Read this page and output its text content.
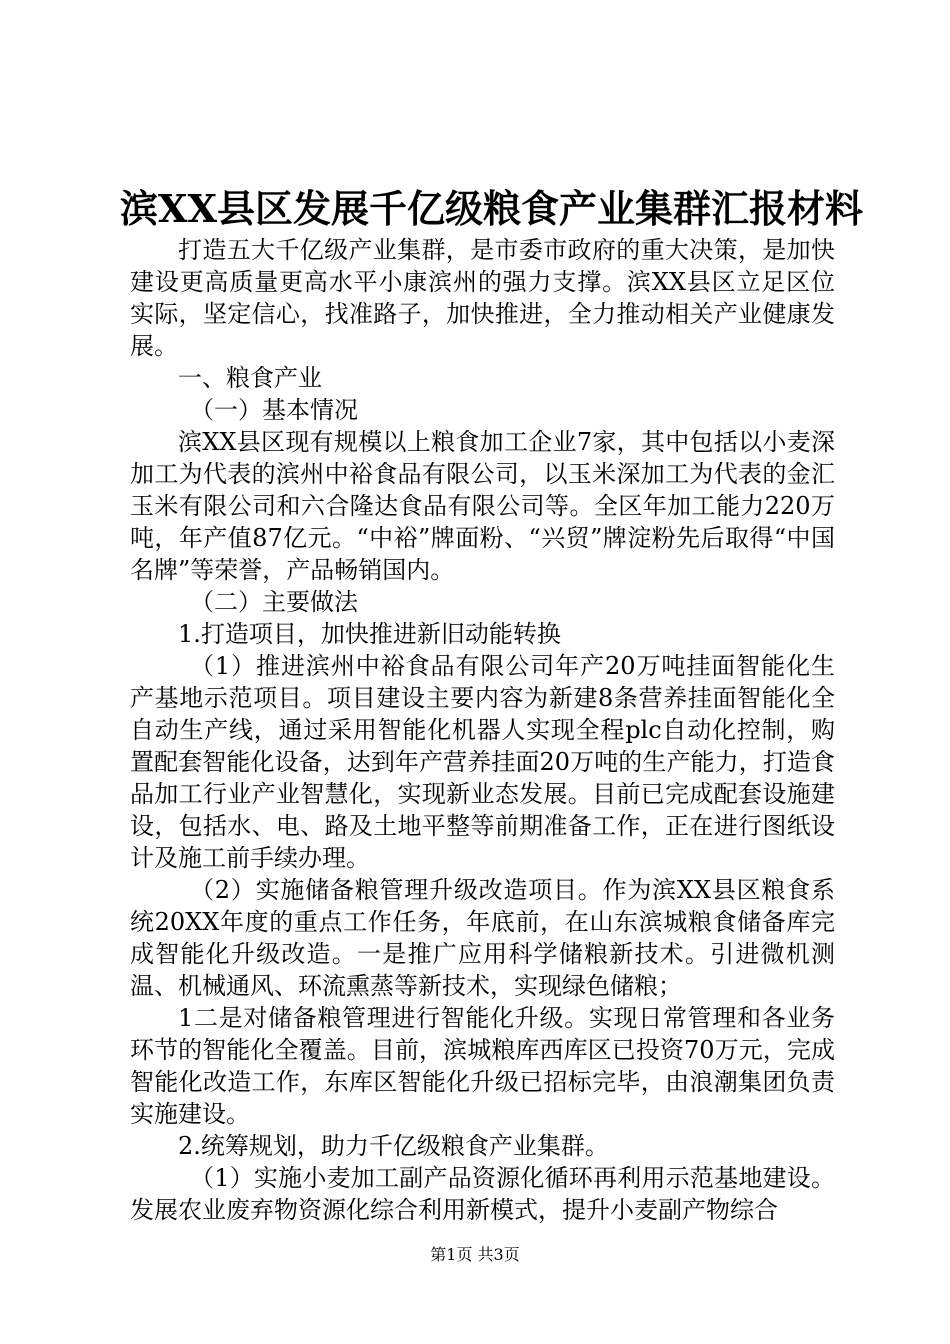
滨XX县区发展千亿级粮食产业集群汇报材料

打造五大千亿级产业集群，是市委市政府的重大决策，是加快建设更高质量更高水平小康滨州的强力支撑。滨XX县区立足区位实际，坚定信心，找准路子，加快推进，全力推动相关产业健康发展。

一、粮食产业

（一）基本情况

滨XX县区现有规模以上粮食加工企业7家，其中包括以小麦深加工为代表的滨州中裕食品有限公司，以玉米深加工为代表的金汇玉米有限公司和六合隆达食品有限公司等。全区年加工能力220万吨，年产值87亿元。“中裕”牌面粉、“兴贸”牌淀粉先后取得“中国名牌”等荣誉，产品畅销国内。

（二）主要做法

1.打造项目，加快推进新旧动能转换

（1）推进滨州中裕食品有限公司年产20万吨挂面智能化生产基地示范项目。项目建设主要内容为新建8条营养挂面智能化全自动生产线，通过采用智能化机器人实现全程plc自动化控制，购置配套智能化设备，达到年产营养挂面20万吨的生产能力，打造食品加工行业产业智慧化，实现新业态发展。目前已完成配套设施建设，包括水、电、路及土地平整等前期准备工作，正在进行图纸设计及施工前手续办理。

（2）实施储备粮管理升级改造项目。作为滨XX县区粮食系统20XX年度的重点工作任务，年底前，在山东滨城粮食储备库完成智能化升级改造。一是推广应用科学储粮新技术。引进微机测温、机械通风、环流熏蒸等新技术，实现绿色储粮；

1二是对储备粮管理进行智能化升级。实现日常管理和各业务环节的智能化全覆盖。目前，滨城粮库西库区已投资70万元，完成智能化改造工作，东库区智能化升级已招标完毕，由浪潮集团负责实施建设。

2.统筹规划，助力千亿级粮食产业集群。

（1）实施小麦加工副产品资源化循环再利用示范基地建设。发展农业废弃物资源化综合利用新模式，提升小麦副产物综合

第1页 共3页
